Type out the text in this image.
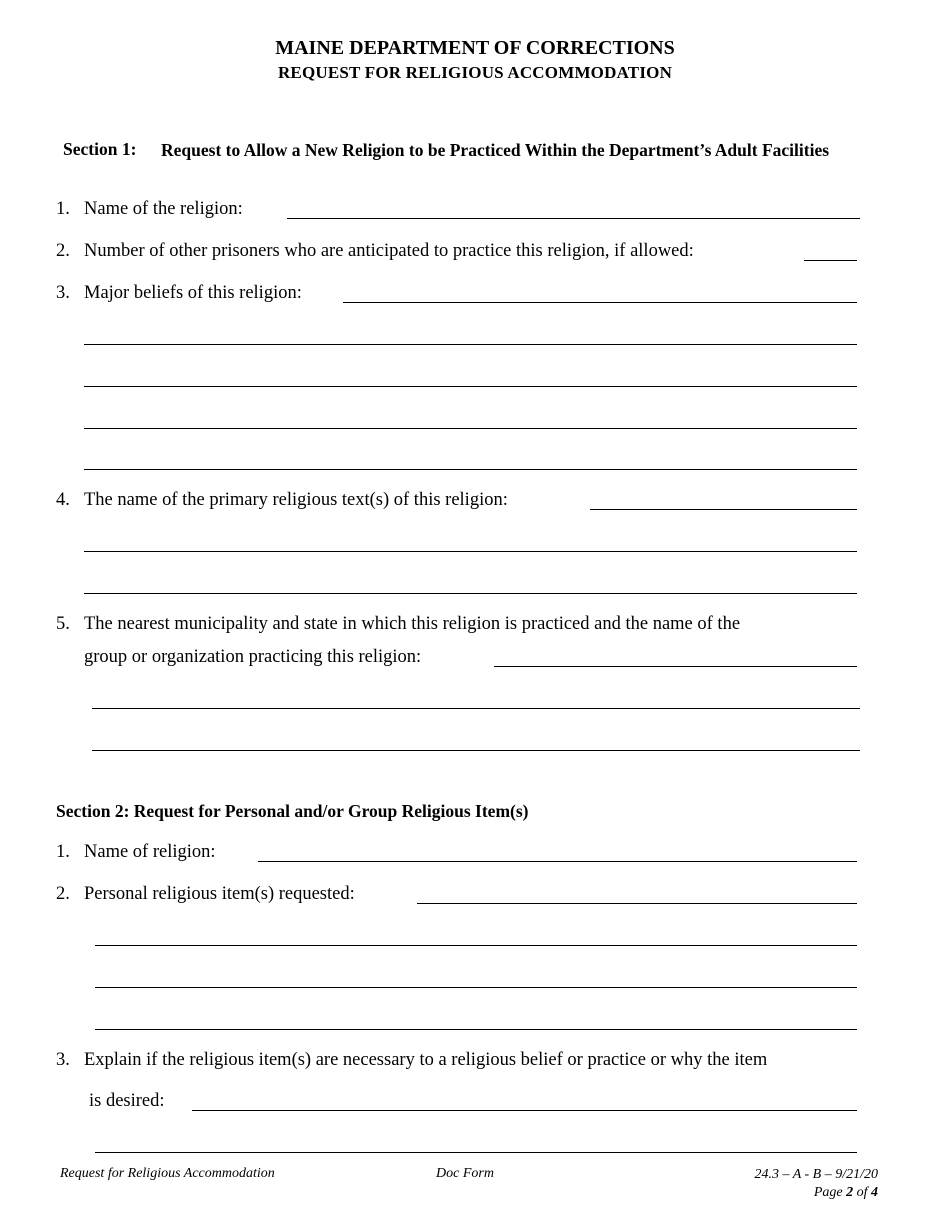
MAINE DEPARTMENT OF CORRECTIONS
REQUEST FOR RELIGIOUS ACCOMMODATION
Section 1: Request to Allow a New Religion to be Practiced Within the Department’s Adult Facilities
1. Name of the religion:
2. Number of other prisoners who are anticipated to practice this religion, if allowed:
3. Major beliefs of this religion:
4. The name of the primary religious text(s) of this religion:
5. The nearest municipality and state in which this religion is practiced and the name of the
group or organization practicing this religion:
Section 2: Request for Personal and/or Group Religious Item(s)
1. Name of religion:
2. Personal religious item(s) requested:
3. Explain if the religious item(s) are necessary to a religious belief or practice or why the item
is desired:
Request for Religious Accommodation	Doc Form	24.3 – A - B – 9/21/20
Page 2 of 4
